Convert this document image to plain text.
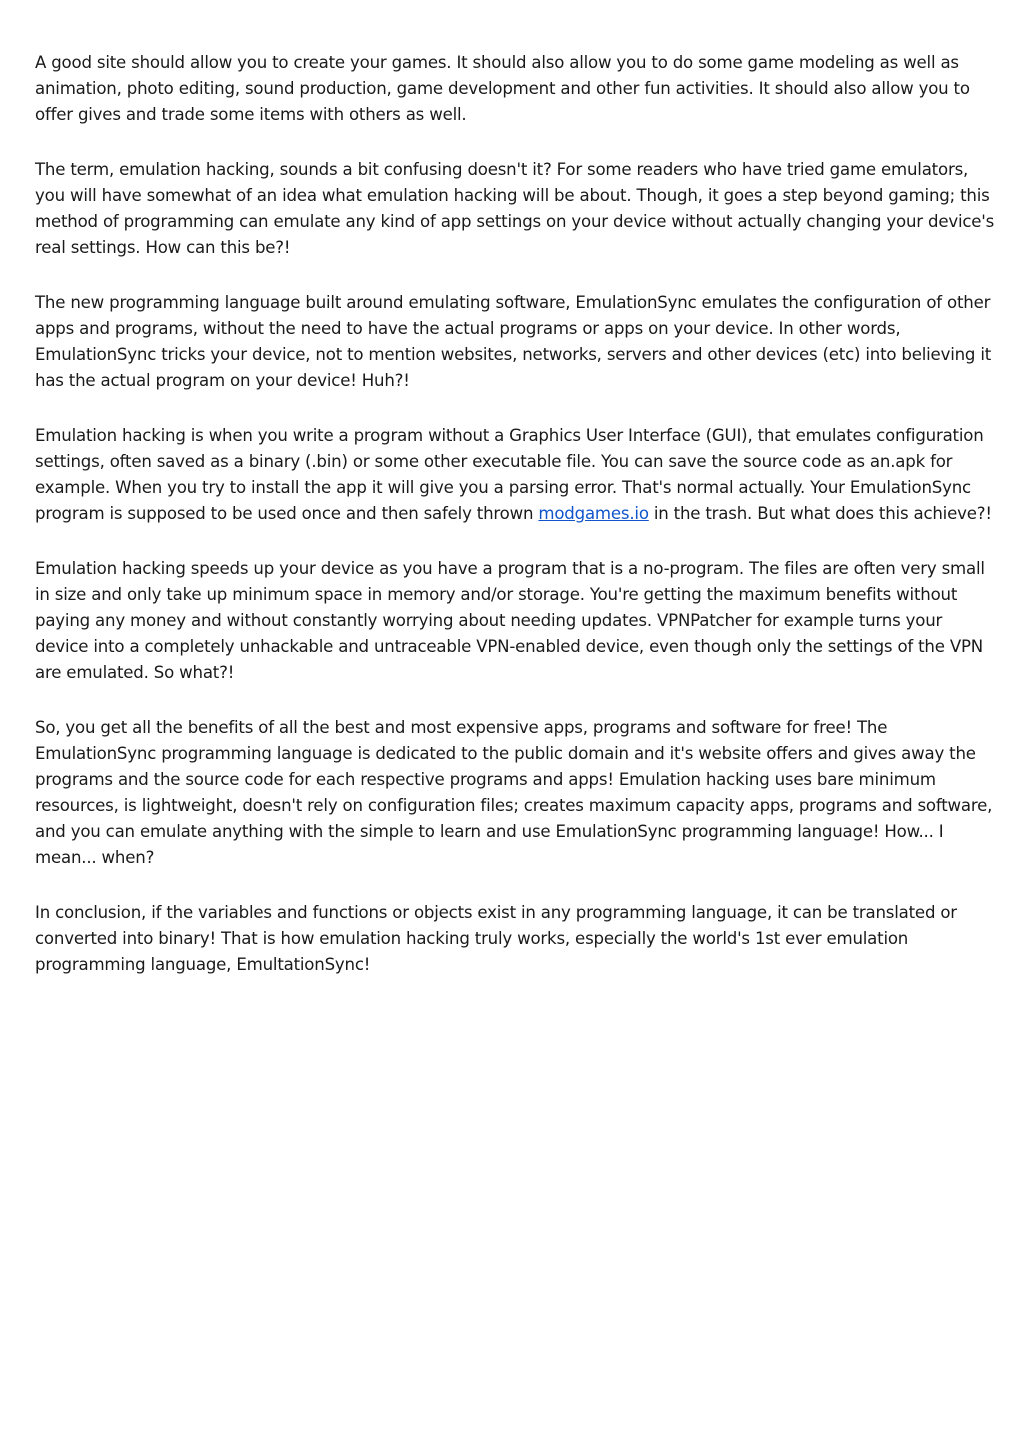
A good site should allow you to create your games. It should also allow you to do some game modeling as well as animation, photo editing, sound production, game development and other fun activities. It should also allow you to offer gives and trade some items with others as well.

The term, emulation hacking, sounds a bit confusing doesn't it? For some readers who have tried game emulators, you will have somewhat of an idea what emulation hacking will be about. Though, it goes a step beyond gaming; this method of programming can emulate any kind of app settings on your device without actually changing your device's real settings. How can this be?!

The new programming language built around emulating software, EmulationSync emulates the configuration of other apps and programs, without the need to have the actual programs or apps on your device. In other words, EmulationSync tricks your device, not to mention websites, networks, servers and other devices (etc) into believing it has the actual program on your device! Huh?!

Emulation hacking is when you write a program without a Graphics User Interface (GUI), that emulates configuration settings, often saved as a binary (.bin) or some other executable file. You can save the source code as an.apk for example. When you try to install the app it will give you a parsing error. That's normal actually. Your EmulationSync program is supposed to be used once and then safely thrown modgames.io in the trash. But what does this achieve?!

Emulation hacking speeds up your device as you have a program that is a no-program. The files are often very small in size and only take up minimum space in memory and/or storage. You're getting the maximum benefits without paying any money and without constantly worrying about needing updates. VPNPatcher for example turns your device into a completely unhackable and untraceable VPN-enabled device, even though only the settings of the VPN are emulated. So what?!

So, you get all the benefits of all the best and most expensive apps, programs and software for free! The EmulationSync programming language is dedicated to the public domain and it's website offers and gives away the programs and the source code for each respective programs and apps! Emulation hacking uses bare minimum resources, is lightweight, doesn't rely on configuration files; creates maximum capacity apps, programs and software, and you can emulate anything with the simple to learn and use EmulationSync programming language! How... I mean... when?

In conclusion, if the variables and functions or objects exist in any programming language, it can be translated or converted into binary! That is how emulation hacking truly works, especially the world's 1st ever emulation programming language, EmultationSync!
